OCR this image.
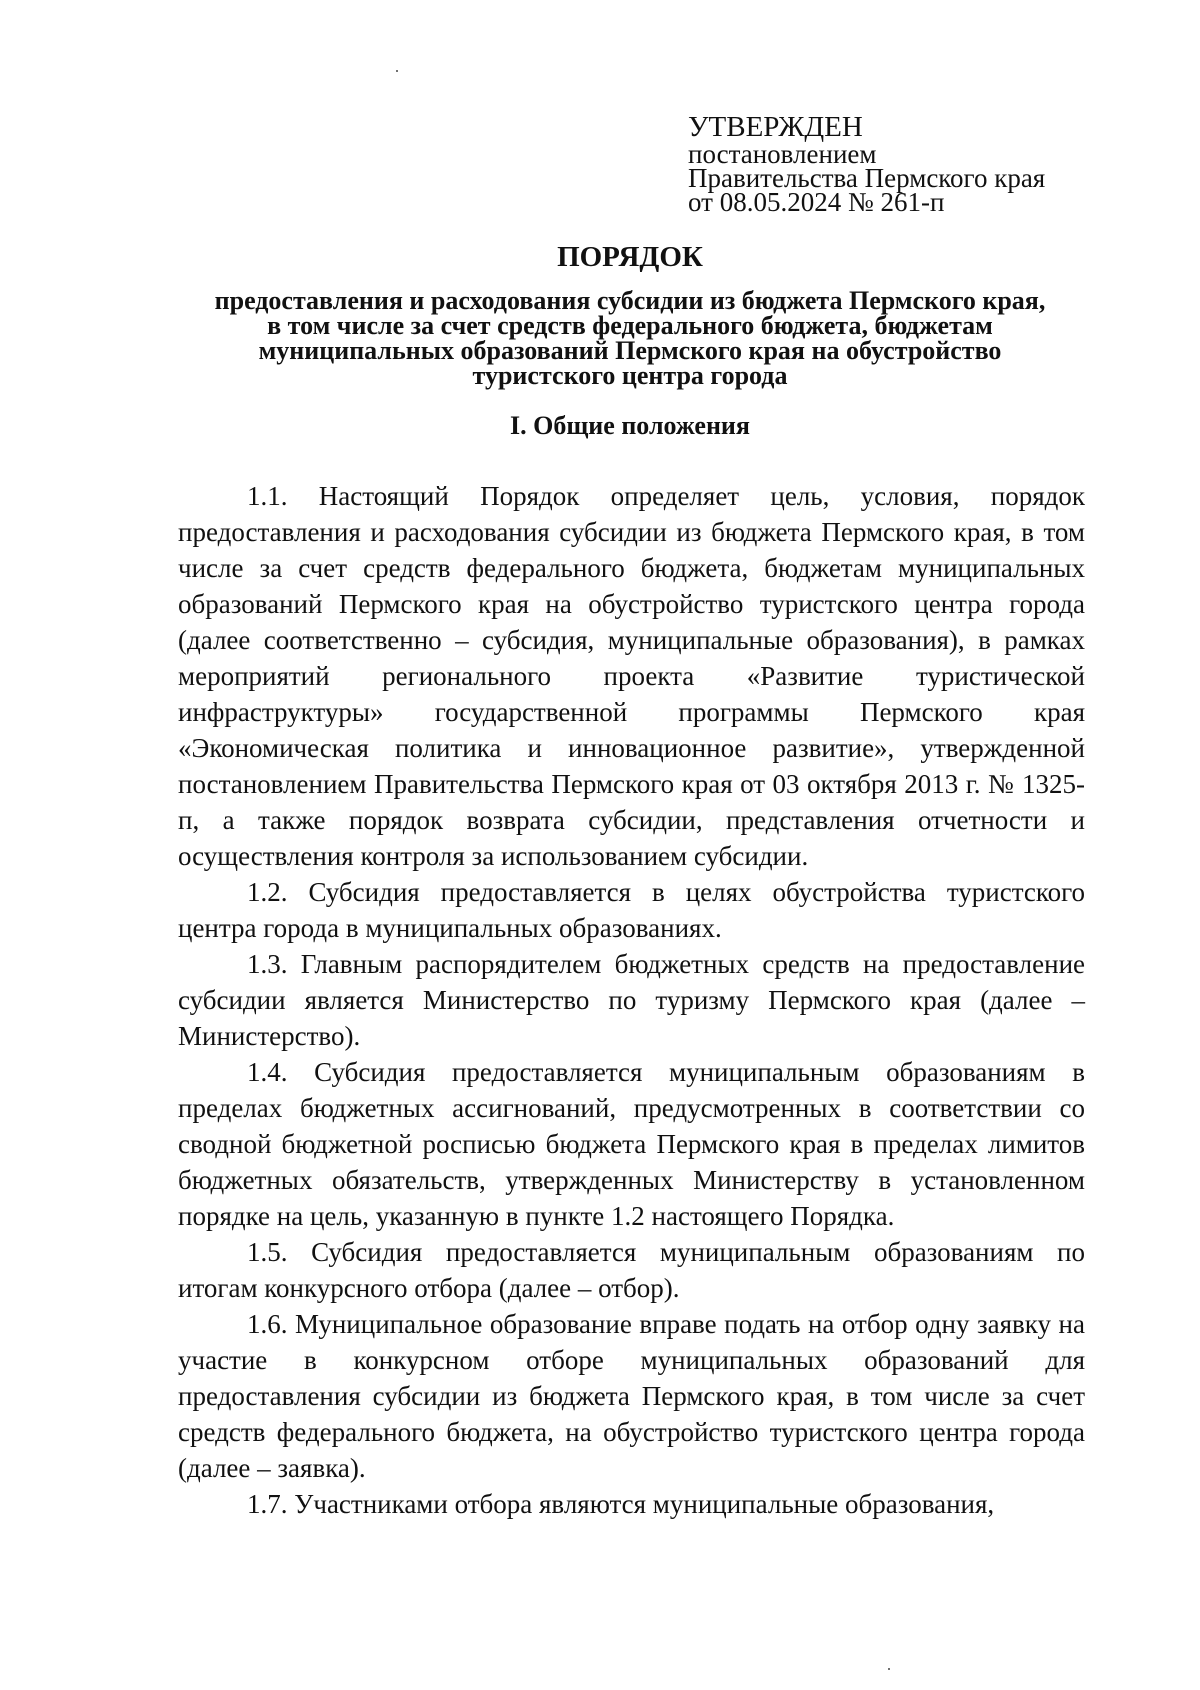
УТВЕРЖДЕН
постановлением
Правительства Пермского края
от 08.05.2024 № 261-п
ПОРЯДОК
предоставления и расходования субсидии из бюджета Пермского края,
в том числе за счет средств федерального бюджета, бюджетам
муниципальных образований Пермского края на обустройство
туристского центра города
I. Общие положения

1.1. Настоящий Порядок определяет цель, условия, порядок предоставления и расходования субсидии из бюджета Пермского края, в том числе за счет средств федерального бюджета, бюджетам муниципальных образований Пермского края на обустройство туристского центра города (далее соответственно – субсидия, муниципальные образования), в рамках мероприятий регионального проекта «Развитие туристической инфраструктуры» государственной программы Пермского края «Экономическая политика и инновационное развитие», утвержденной постановлением Правительства Пермского края от 03 октября 2013 г. № 1325-п, а также порядок возврата субсидии, представления отчетности и осуществления контроля за использованием субсидии.

1.2. Субсидия предоставляется в целях обустройства туристского центра города в муниципальных образованиях.

1.3. Главным распорядителем бюджетных средств на предоставление субсидии является Министерство по туризму Пермского края (далее – Министерство).

1.4. Субсидия предоставляется муниципальным образованиям в пределах бюджетных ассигнований, предусмотренных в соответствии со сводной бюджетной росписью бюджета Пермского края в пределах лимитов бюджетных обязательств, утвержденных Министерству в установленном порядке на цель, указанную в пункте 1.2 настоящего Порядка.

1.5. Субсидия предоставляется муниципальным образованиям по итогам конкурсного отбора (далее – отбор).

1.6. Муниципальное образование вправе подать на отбор одну заявку на участие в конкурсном отборе муниципальных образований для предоставления субсидии из бюджета Пермского края, в том числе за счет средств федерального бюджета, на обустройство туристского центра города (далее – заявка).

1.7. Участниками отбора являются муниципальные образования,
